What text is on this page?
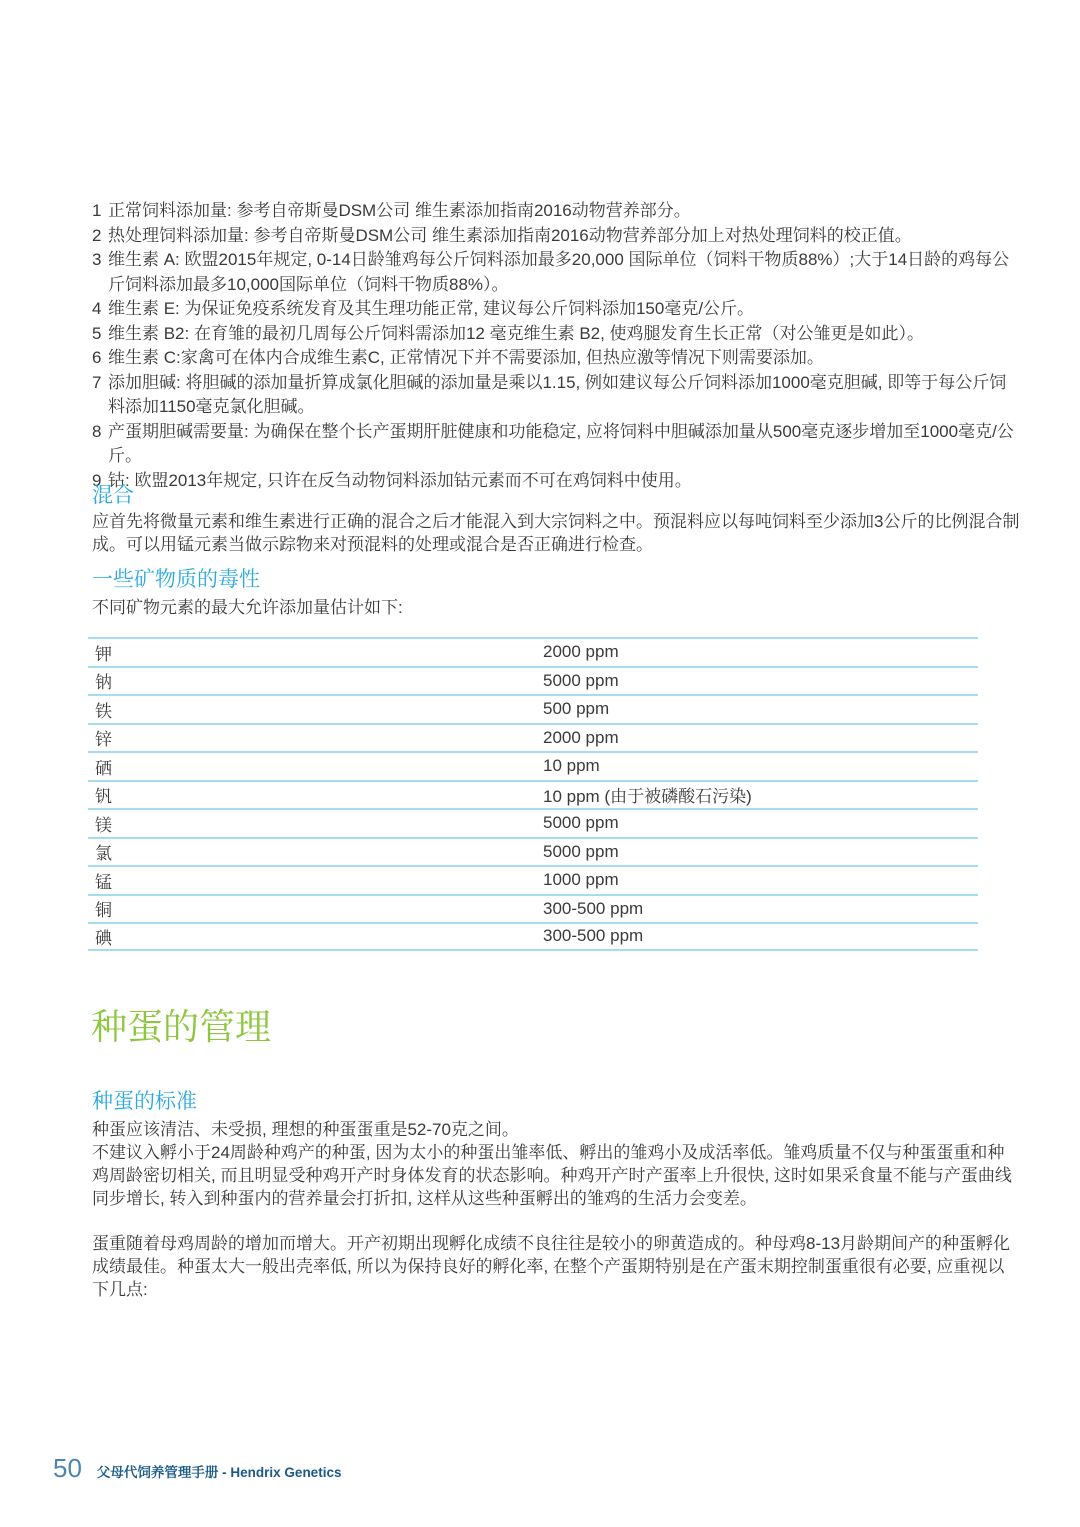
1 正常饲料添加量: 参考自帝斯曼DSM公司 维生素添加指南2016动物营养部分。
2 热处理饲料添加量: 参考自帝斯曼DSM公司 维生素添加指南2016动物营养部分加上对热处理饲料的校正值。
3 维生素 A: 欧盟2015年规定, 0-14日龄雏鸡每公斤饲料添加最多20,000 国际单位（饲料干物质88%）;大于14日龄的鸡每公斤饲料添加最多10,000国际单位（饲料干物质88%）。
4 维生素 E: 为保证免疫系统发育及其生理功能正常, 建议每公斤饲料添加150毫克/公斤。
5 维生素 B2: 在育雏的最初几周每公斤饲料需添加12 毫克维生素 B2, 使鸡腿发育生长正常（对公雏更是如此）。
6 维生素 C:家禽可在体内合成维生素C, 正常情况下并不需要添加, 但热应激等情况下则需要添加。
7 添加胆碱: 将胆碱的添加量折算成氯化胆碱的添加量是乘以1.15, 例如建议每公斤饲料添加1000毫克胆碱, 即等于每公斤饲料添加1150毫克氯化胆碱。
8 产蛋期胆碱需要量: 为确保在整个长产蛋期肝脏健康和功能稳定, 应将饲料中胆碱添加量从500毫克逐步增加至1000毫克/公斤。
9 钴: 欧盟2013年规定, 只许在反刍动物饲料添加钴元素而不可在鸡饲料中使用。
混合

应首先将微量元素和维生素进行正确的混合之后才能混入到大宗饲料之中。预混料应以每吨饲料至少添加3公斤的比例混合制成。可以用锰元素当做示踪物来对预混料的处理或混合是否正确进行检查。

一些矿物质的毒性

不同矿物元素的最大允许添加量估计如下:

钾	2000 ppm
钠	5000 ppm
铁	500 ppm
锌	2000 ppm
硒	10 ppm
钒	10 ppm (由于被磷酸石污染)
镁	5000 ppm
氯	5000 ppm
锰	1000 ppm
铜	300-500 ppm
碘	300-500 ppm
种蛋的管理
种蛋的标准

种蛋应该清洁、未受损, 理想的种蛋蛋重是52-70克之间。

不建议入孵小于24周龄种鸡产的种蛋, 因为太小的种蛋出雏率低、孵出的雏鸡小及成活率低。雏鸡质量不仅与种蛋蛋重和种鸡周龄密切相关, 而且明显受种鸡开产时身体发育的状态影响。种鸡开产时产蛋率上升很快, 这时如果采食量不能与产蛋曲线同步增长, 转入到种蛋内的营养量会打折扣, 这样从这些种蛋孵出的雏鸡的生活力会变差。

蛋重随着母鸡周龄的增加而增大。开产初期出现孵化成绩不良往往是较小的卵黄造成的。种母鸡8-13月龄期间产的种蛋孵化成绩最佳。种蛋太大一般出壳率低, 所以为保持良好的孵化率, 在整个产蛋期特别是在产蛋末期控制蛋重很有必要, 应重视以下几点:

50 父母代饲养管理手册 - Hendrix Genetics
